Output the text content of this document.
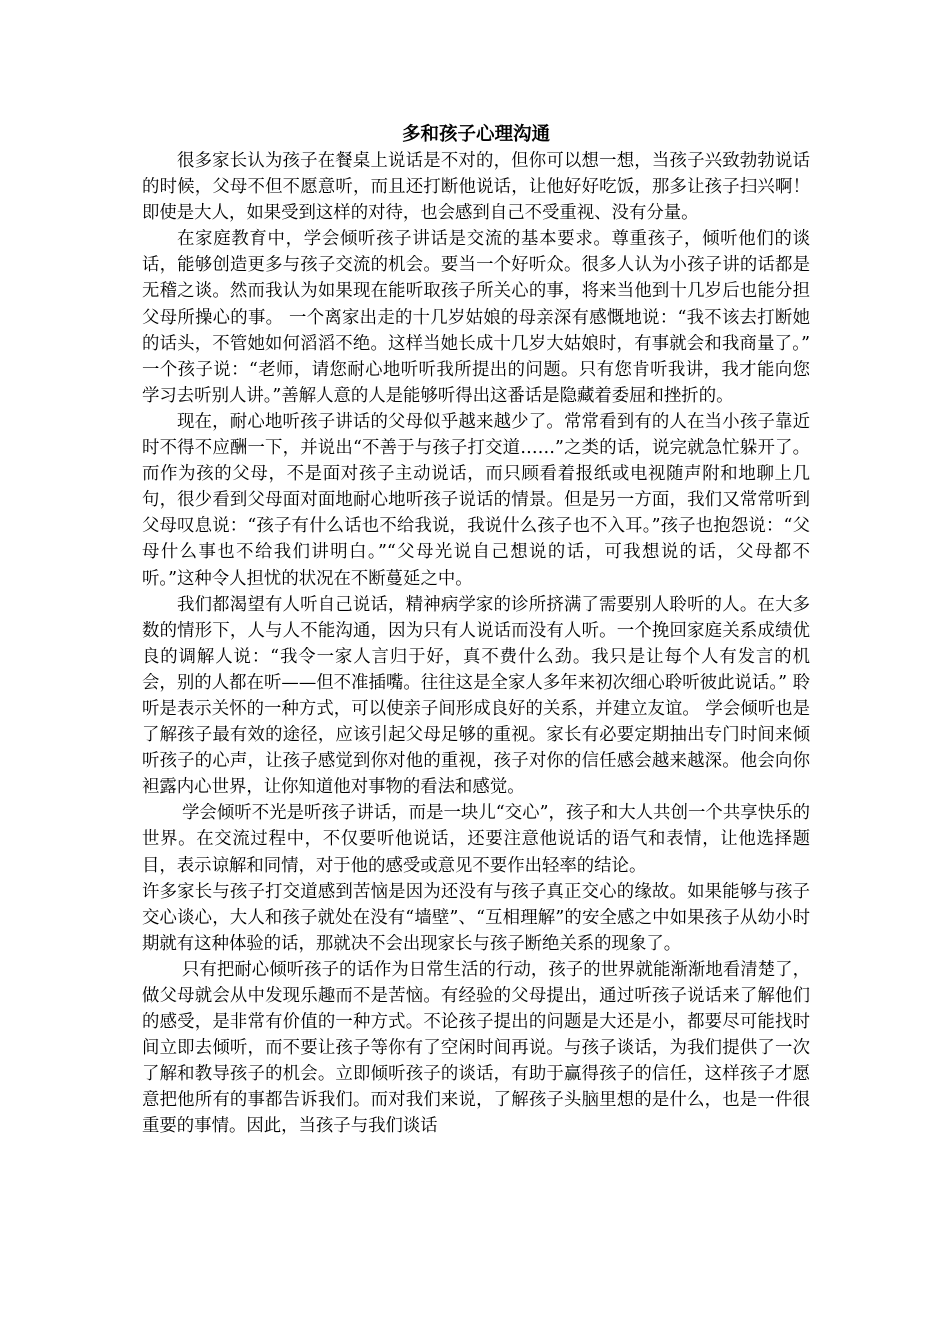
多和孩子心理沟通

很多家长认为孩子在餐桌上说话是不对的，但你可以想一想，当孩子兴致勃勃说话的时候，父母不但不愿意听，而且还打断他说话，让他好好吃饭，那多让孩子扫兴啊！即使是大人，如果受到这样的对待，也会感到自己不受重视、没有分量。

在家庭教育中，学会倾听孩子讲话是交流的基本要求。尊重孩子，倾听他们的谈话，能够创造更多与孩子交流的机会。要当一个好听众。很多人认为小孩子讲的话都是无稽之谈。然而我认为如果现在能听取孩子所关心的事，将来当他到十几岁后也能分担父母所操心的事。 一个离家出走的十几岁姑娘的母亲深有感慨地说：“我不该去打断她的话头，不管她如何滔滔不绝。这样当她长成十几岁大姑娘时，有事就会和我商量了。” 一个孩子说：“老师，请您耐心地听听我所提出的问题。只有您肯听我讲，我才能向您学习去听别人讲。”善解人意的人是能够听得出这番话是隐藏着委屈和挫折的。

现在，耐心地听孩子讲话的父母似乎越来越少了。常常看到有的人在当小孩子靠近时不得不应酬一下，并说出“不善于与孩子打交道……”之类的话，说完就急忙躲开了。而作为孩的父母，不是面对孩子主动说话，而只顾看着报纸或电视随声附和地聊上几句，很少看到父母面对面地耐心地听孩子说话的情景。但是另一方面，我们又常常听到父母叹息说：“孩子有什么话也不给我说，我说什么孩子也不入耳。”孩子也抱怨说：“父母什么事也不给我们讲明白。”“父母光说自己想说的话，可我想说的话，父母都不听。”这种令人担忧的状况在不断蔓延之中。

我们都渴望有人听自己说话，精神病学家的诊所挤满了需要别人聆听的人。在大多数的情形下，人与人不能沟通，因为只有人说话而没有人听。一个挽回家庭关系成绩优良的调解人说：“我令一家人言归于好，真不费什么劲。我只是让每个人有发言的机会，别的人都在听——但不准插嘴。往往这是全家人多年来初次细心聆听彼此说话。” 聆听是表示关怀的一种方式，可以使亲子间形成良好的关系，并建立友谊。 学会倾听也是了解孩子最有效的途径，应该引起父母足够的重视。家长有必要定期抽出专门时间来倾听孩子的心声，让孩子感觉到你对他的重视，孩子对你的信任感会越来越深。他会向你袒露内心世界，让你知道他对事物的看法和感觉。

学会倾听不光是听孩子讲话，而是一块儿“交心”，孩子和大人共创一个共享快乐的世界。在交流过程中，不仅要听他说话，还要注意他说话的语气和表情，让他选择题目，表示谅解和同情，对于他的感受或意见不要作出轻率的结论。

许多家长与孩子打交道感到苦恼是因为还没有与孩子真正交心的缘故。如果能够与孩子交心谈心，大人和孩子就处在没有“墙壁”、“互相理解”的安全感之中如果孩子从幼小时期就有这种体验的话，那就决不会出现家长与孩子断绝关系的现象了。

只有把耐心倾听孩子的话作为日常生活的行动，孩子的世界就能渐渐地看清楚了，做父母就会从中发现乐趣而不是苦恼。有经验的父母提出，通过听孩子说话来了解他们的感受，是非常有价值的一种方式。不论孩子提出的问题是大还是小，都要尽可能找时间立即去倾听，而不要让孩子等你有了空闲时间再说。与孩子谈话，为我们提供了一次了解和教导孩子的机会。立即倾听孩子的谈话，有助于赢得孩子的信任，这样孩子才愿意把他所有的事都告诉我们。而对我们来说，了解孩子头脑里想的是什么，也是一件很重要的事情。因此，当孩子与我们谈话
